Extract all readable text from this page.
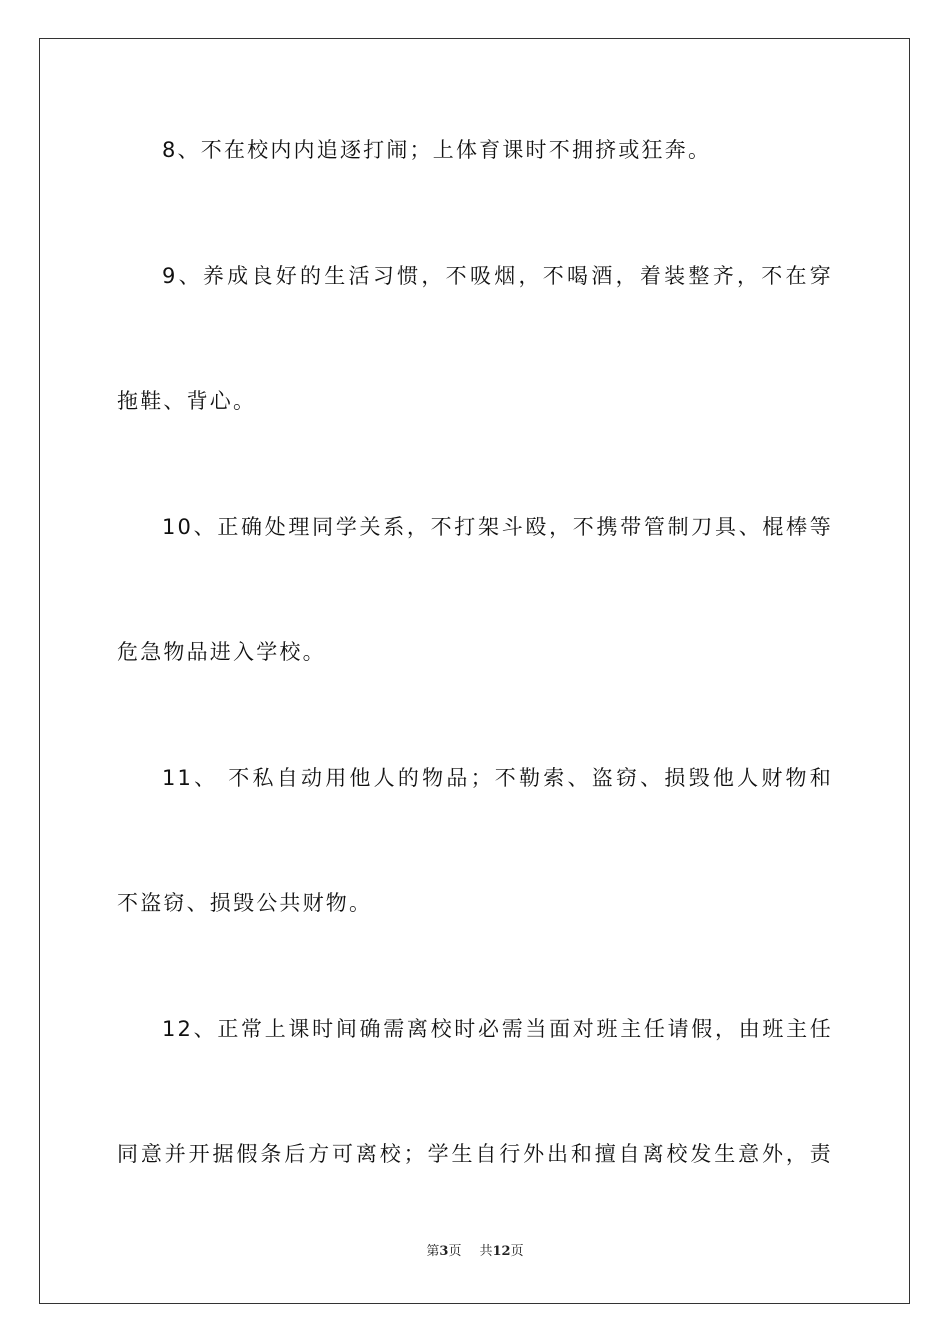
8、不在校内内追逐打闹；上体育课时不拥挤或狂奔。
9、养成良好的生活习惯，不吸烟，不喝酒，着装整齐，不在穿
拖鞋、背心。
10、正确处理同学关系，不打架斗殴，不携带管制刀具、棍棒等
危急物品进入学校。
11、 不私自动用他人的物品；不勒索、盗窃、损毁他人财物和
不盗窃、损毁公共财物。
12、正常上课时间确需离校时必需当面对班主任请假，由班主任
同意并开据假条后方可离校；学生自行外出和擅自离校发生意外，责
第3页 共12页
